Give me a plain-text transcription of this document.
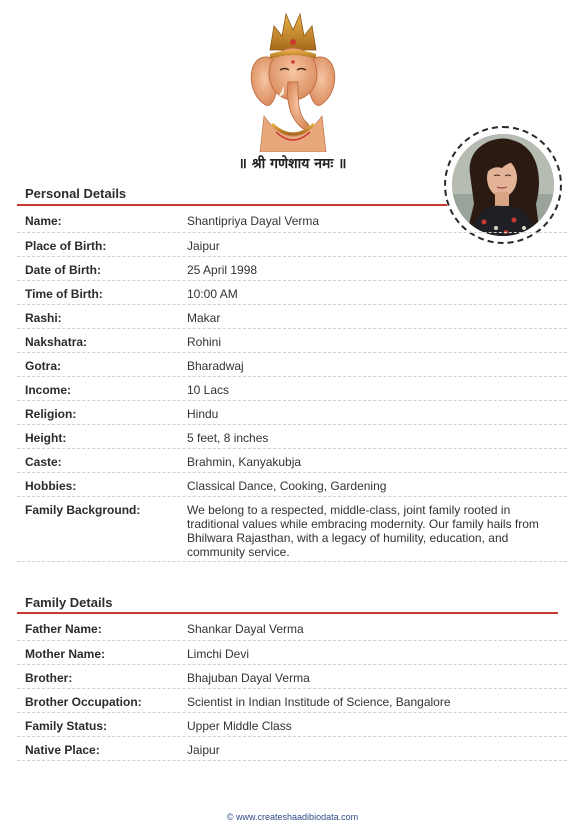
॥ श्री गणेशाय नमः ॥
Personal Details
Name:	Shantipriya Dayal Verma
Place of Birth:	Jaipur
Date of Birth:	25 April 1998
Time of Birth:	10:00 AM
Rashi:	Makar
Nakshatra:	Rohini
Gotra:	Bharadwaj
Income:	10 Lacs
Religion:	Hindu
Height:	5 feet, 8 inches
Caste:	Brahmin, Kanyakubja
Hobbies:	Classical Dance, Cooking, Gardening
Family Background:	We belong to a respected, middle-class, joint family rooted in traditional values while embracing modernity. Our family hails from Bhilwara Rajasthan, with a legacy of humility, education, and community service.
Family Details
Father Name:	Shankar Dayal Verma
Mother Name:	Limchi Devi
Brother:	Bhajuban Dayal Verma
Brother Occupation:	Scientist in Indian Institude of Science, Bangalore
Family Status:	Upper Middle Class
Native Place:	Jaipur
© www.createshaadibiodata.com
